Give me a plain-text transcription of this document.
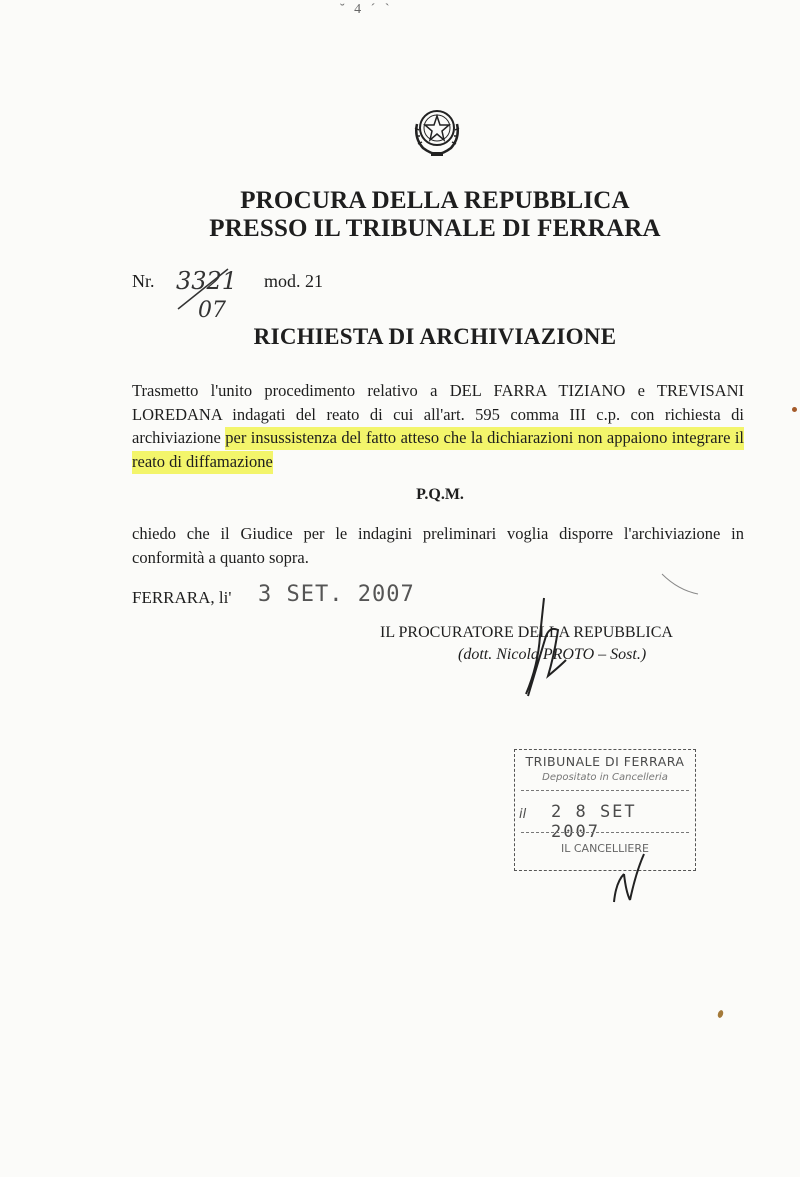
˘ 4 ˊ ˋ
PROCURA DELLA REPUBBLICA
PRESSO IL TRIBUNALE DI FERRARA
Nr. 3321
07
mod. 21
RICHIESTA DI ARCHIVIAZIONE
Trasmetto l'unito procedimento relativo a DEL FARRA TIZIANO e TREVISANI LOREDANA indagati del reato di cui all'art. 595 comma III c.p. con richiesta di archiviazione per insussistenza del fatto atteso che la dichiarazioni non appaiono integrare il reato di diffamazione
P.Q.M.
chiedo che il Giudice per le indagini preliminari voglia disporre l'archiviazione in conformità a quanto sopra.
FERRARA, li' 3 SET. 2007
IL PROCURATORE DELLA REPUBBLICA
(dott. Nicola PROTO – Sost.)
TRIBUNALE DI FERRARA
Depositato in Cancelleria
il 2 8 SET 2007
IL CANCELLIERE
